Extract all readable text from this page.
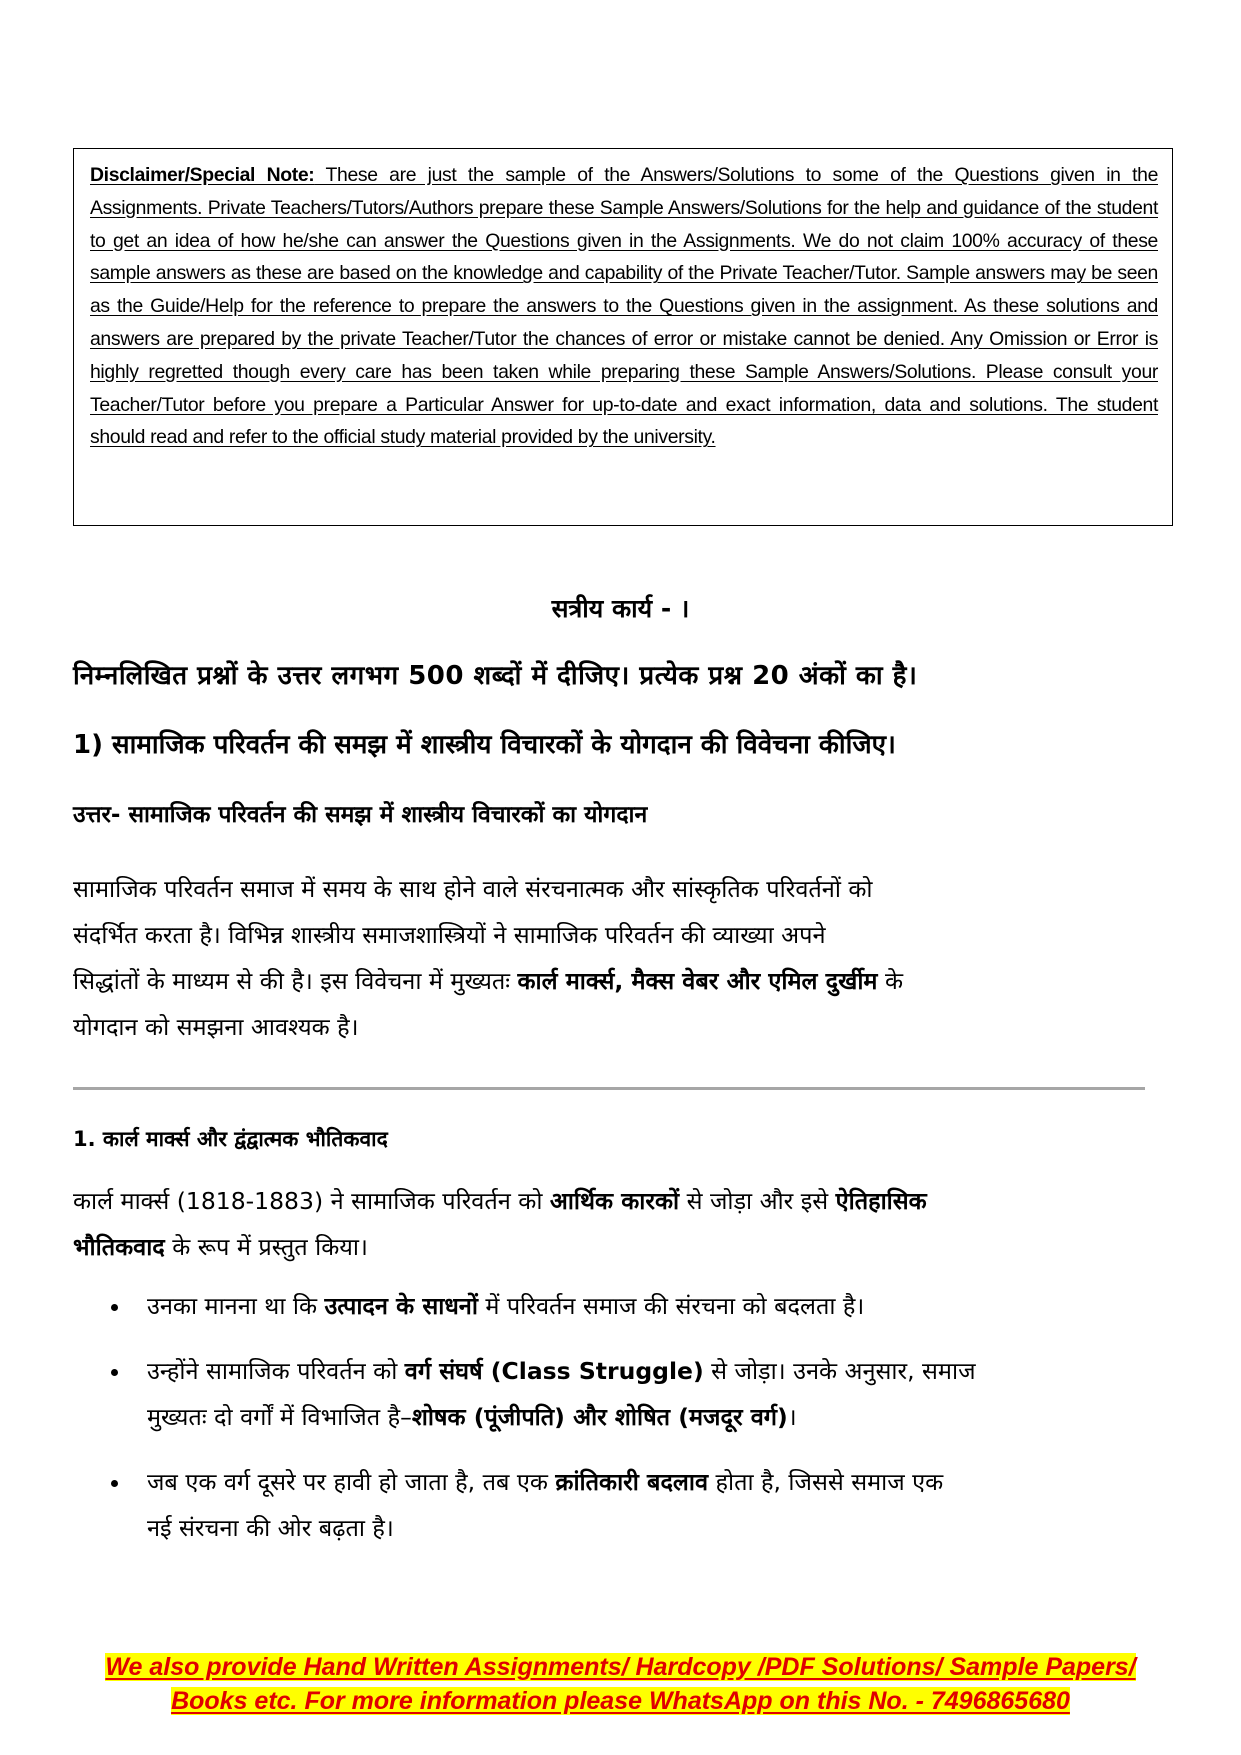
Disclaimer/Special Note: These are just the sample of the Answers/Solutions to some of the Questions given in the Assignments. Private Teachers/Tutors/Authors prepare these Sample Answers/Solutions for the help and guidance of the student to get an idea of how he/she can answer the Questions given in the Assignments. We do not claim 100% accuracy of these sample answers as these are based on the knowledge and capability of the Private Teacher/Tutor. Sample answers may be seen as the Guide/Help for the reference to prepare the answers to the Questions given in the assignment. As these solutions and answers are prepared by the private Teacher/Tutor the chances of error or mistake cannot be denied. Any Omission or Error is highly regretted though every care has been taken while preparing these Sample Answers/Solutions. Please consult your Teacher/Tutor before you prepare a Particular Answer for up-to-date and exact information, data and solutions. The student should read and refer to the official study material provided by the university.

सत्रीय कार्य - ।
निम्नलिखित प्रश्नों के उत्तर लगभग 500 शब्दों में दीजिए। प्रत्येक प्रश्न 20 अंकों का है।
1) सामाजिक परिवर्तन की समझ में शास्त्रीय विचारकों के योगदान की विवेचना कीजिए।
उत्तर- सामाजिक परिवर्तन की समझ में शास्त्रीय विचारकों का योगदान
सामाजिक परिवर्तन समाज में समय के साथ होने वाले संरचनात्मक और सांस्कृतिक परिवर्तनों को
संदर्भित करता है। विभिन्न शास्त्रीय समाजशास्त्रियों ने सामाजिक परिवर्तन की व्याख्या अपने
सिद्धांतों के माध्यम से की है। इस विवेचना में मुख्यतः कार्ल मार्क्स, मैक्स वेबर और एमिल दुर्खीम के
योगदान को समझना आवश्यक है।
1. कार्ल मार्क्स और द्वंद्वात्मक भौतिकवाद
कार्ल मार्क्स (1818-1883) ने सामाजिक परिवर्तन को आर्थिक कारकों से जोड़ा और इसे ऐतिहासिक
भौतिकवाद के रूप में प्रस्तुत किया।
उनका मानना था कि उत्पादन के साधनों में परिवर्तन समाज की संरचना को बदलता है।
उन्होंने सामाजिक परिवर्तन को वर्ग संघर्ष (Class Struggle) से जोड़ा। उनके अनुसार, समाज
मुख्यतः दो वर्गों में विभाजित है–शोषक (पूंजीपति) और शोषित (मजदूर वर्ग)।
जब एक वर्ग दूसरे पर हावी हो जाता है, तब एक क्रांतिकारी बदलाव होता है, जिससे समाज एक
नई संरचना की ओर बढ़ता है।
We also provide Hand Written Assignments/ Hardcopy /PDF Solutions/ Sample Papers/
Books etc. For more information please WhatsApp on this No. - 7496865680
